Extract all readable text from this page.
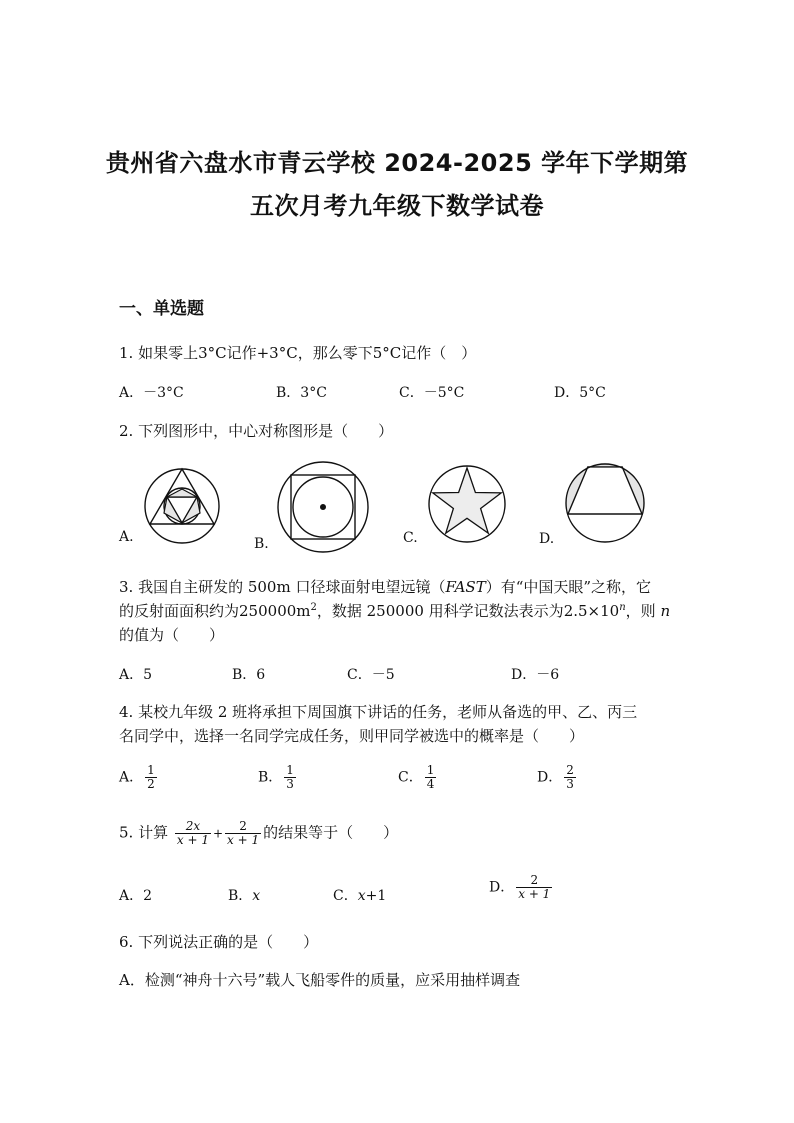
贵州省六盘水市青云学校 2024-2025 学年下学期第
五次月考九年级下数学试卷
一、单选题
1. 如果零上3°C记作+3°C，那么零下5°C记作（　）
A．－3°C	B．3°C	C．－5°C	D．5°C
2. 下列图形中，中心对称图形是（　　）
A.	B.	C.	D.
3. 我国自主研发的 500m 口径球面射电望远镜（FAST）有“中国天眼”之称，它
的反射面面积约为$250000m^2$，数据 250000 用科学记数法表示为$2.5\times 10^n$，则 n
的值为（　　）
A．5	B．6	C．－5	D．－6
4. 某校九年级 2 班将承担下周国旗下讲话的任务，老师从备选的甲、乙、丙三
名同学中，选择一名同学完成任务，则甲同学被选中的概率是（　　）
A． $\frac{1}{2}$	B． $\frac{1}{3}$	C． $\frac{1}{4}$	D． $\frac{2}{3}$
5. 计算 $\frac{2x}{x + 1} + \frac{2}{x + 1}$ 的结果等于（　　）
A．2	B．x	C．x+1
D． $\frac{2}{x + 1}$
6. 下列说法正确的是（　　）
A．检测“神舟十六号”载人飞船零件的质量，应采用抽样调查
